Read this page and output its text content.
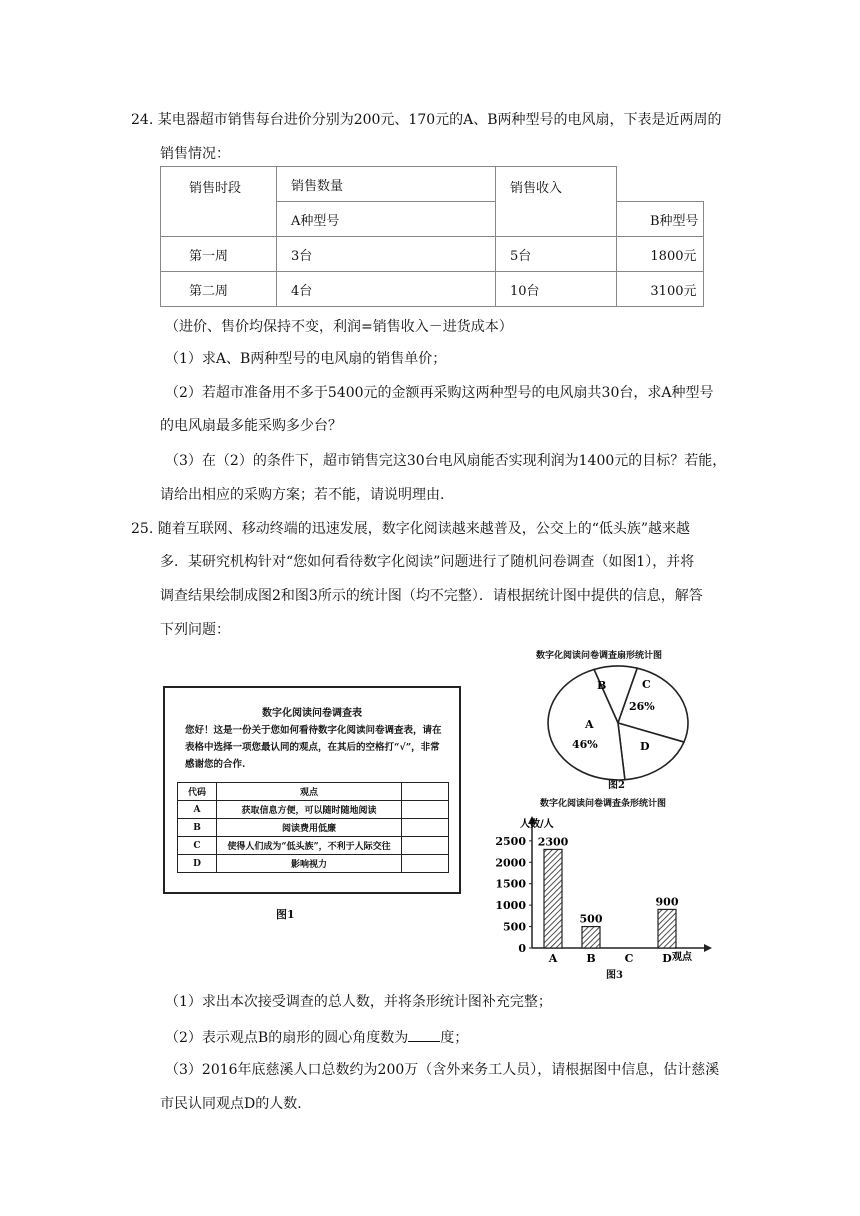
24. 某电器超市销售每台进价分别为200元、170元的A、B两种型号的电风扇，下表是近两周的
销售情况：
销售时段	销售数量	销售收入	
	A种型号		B种型号
第一周	3台	5台	1800元
第二周	4台	10台	3100元
（进价、售价均保持不变，利润=销售收入－进货成本）
（1）求A、B两种型号的电风扇的销售单价；
（2）若超市准备用不多于5400元的金额再采购这两种型号的电风扇共30台，求A种型号
的电风扇最多能采购多少台？
（3）在（2）的条件下，超市销售完这30台电风扇能否实现利润为1400元的目标？若能，
请给出相应的采购方案；若不能，请说明理由.
25. 随着互联网、移动终端的迅速发展，数字化阅读越来越普及，公交上的“低头族”越来越
多．某研究机构针对“您如何看待数字化阅读”问题进行了随机问卷调查（如图1），并将
调查结果绘制成图2和图3所示的统计图（均不完整）．请根据统计图中提供的信息，解答
下列问题：
数字化阅读问卷调查表
您好！这是一份关于您如何看待数字化阅读问卷调查表，请在表格中选择一项您最认同的观点，在其后的空格打“√”，非常感谢您的合作.
代码	观点	
A	获取信息方便，可以随时随地阅读	
B	阅读费用低廉	
C	使得人们成为“低头族”，不利于人际交往	
D	影响视力	
图1
数字化阅读问卷调查扇形统计图
B	C
26%
A
46%	D
图2
数字化阅读问卷调查条形统计图
0
500
1000
1500
2000
2500 2300
A
500
B	C
900
D
人数/人
观点
图3
（1）求出本次接受调查的总人数，并将条形统计图补充完整；
（2）表示观点B的扇形的圆心角度数为 度；
（3）2016年底慈溪人口总数约为200万（含外来务工人员），请根据图中信息，估计慈溪
市民认同观点D的人数.
